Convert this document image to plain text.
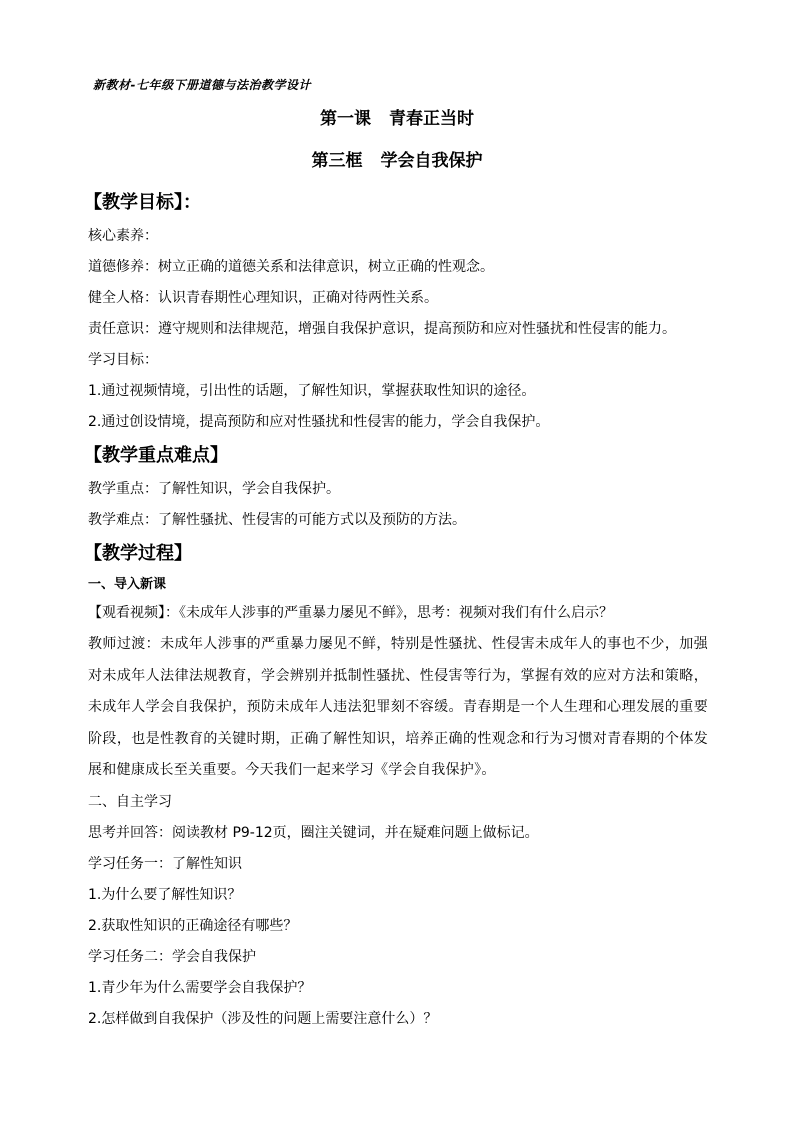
新教材-七年级下册道德与法治教学设计
第一课 青春正当时
第三框 学会自我保护
【教学目标】：
核心素养：
道德修养：树立正确的道德关系和法律意识，树立正确的性观念。
健全人格：认识青春期性心理知识，正确对待两性关系。
责任意识：遵守规则和法律规范，增强自我保护意识，提高预防和应对性骚扰和性侵害的能力。
学习目标：
1.通过视频情境，引出性的话题，了解性知识，掌握获取性知识的途径。
2.通过创设情境，提高预防和应对性骚扰和性侵害的能力，学会自我保护。
【教学重点难点】
教学重点：了解性知识，学会自我保护。
教学难点：了解性骚扰、性侵害的可能方式以及预防的方法。
【教学过程】
一、导入新课
【观看视频】：《未成年人涉事的严重暴力屡见不鲜》，思考：视频对我们有什么启示？
教师过渡：未成年人涉事的严重暴力屡见不鲜，特别是性骚扰、性侵害未成年人的事也不少，加强对未成年人法律法规教育，学会辨别并抵制性骚扰、性侵害等行为，掌握有效的应对方法和策略，未成年人学会自我保护，预防未成年人违法犯罪刻不容缓。青春期是一个人生理和心理发展的重要阶段，也是性教育的关键时期，正确了解性知识，培养正确的性观念和行为习惯对青春期的个体发展和健康成长至关重要。今天我们一起来学习《学会自我保护》。
二、自主学习
思考并回答：阅读教材 P9-12页，圈注关键词，并在疑难问题上做标记。
学习任务一：了解性知识
1.为什么要了解性知识？
2.获取性知识的正确途径有哪些？
学习任务二：学会自我保护
1.青少年为什么需要学会自我保护？
2.怎样做到自我保护（涉及性的问题上需要注意什么）？
